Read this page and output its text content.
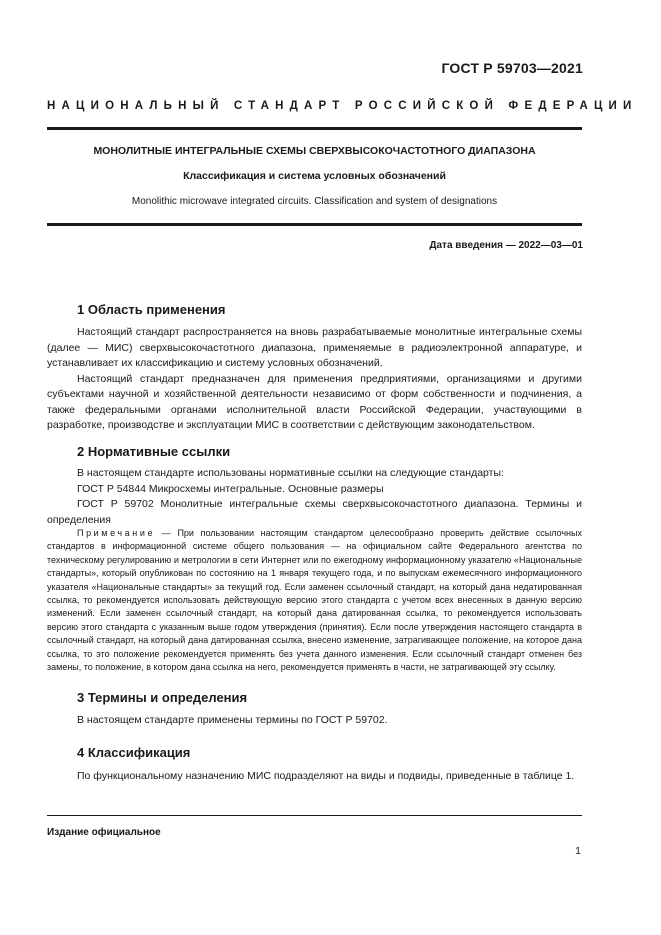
ГОСТ Р 59703—2021
НАЦИОНАЛЬНЫЙ СТАНДАРТ РОССИЙСКОЙ ФЕДЕРАЦИИ
МОНОЛИТНЫЕ ИНТЕГРАЛЬНЫЕ СХЕМЫ СВЕРХВЫСОКОЧАСТОТНОГО ДИАПАЗОНА
Классификация и система условных обозначений
Monolithic microwave integrated circuits. Classification and system of designations
Дата введения — 2022—03—01
1 Область применения

Настоящий стандарт распространяется на вновь разрабатываемые монолитные интегральные схемы (далее — МИС) сверхвысокочастотного диапазона, применяемые в радиоэлектронной аппаратуре, и устанавливает их классификацию и систему условных обозначений.

Настоящий стандарт предназначен для применения предприятиями, организациями и другими субъектами научной и хозяйственной деятельности независимо от форм собственности и подчинения, а также федеральными органами исполнительной власти Российской Федерации, участвующими в разработке, производстве и эксплуатации МИС в соответствии с действующим законодательством.

2 Нормативные ссылки

В настоящем стандарте использованы нормативные ссылки на следующие стандарты:

ГОСТ Р 54844 Микросхемы интегральные. Основные размеры

ГОСТ Р 59702 Монолитные интегральные схемы сверхвысокочастотного диапазона. Термины и определения

Примечание — При пользовании настоящим стандартом целесообразно проверить действие ссылочных стандартов в информационной системе общего пользования — на официальном сайте Федерального агентства по техническому регулированию и метрологии в сети Интернет или по ежегодному информационному указателю «Национальные стандарты», который опубликован по состоянию на 1 января текущего года, и по выпускам ежемесячного информационного указателя «Национальные стандарты» за текущий год. Если заменен ссылочный стандарт, на который дана недатированная ссылка, то рекомендуется использовать действующую версию этого стандарта с учетом всех внесенных в данную версию изменений. Если заменен ссылочный стандарт, на который дана датированная ссылка, то рекомендуется использовать версию этого стандарта с указанным выше годом утверждения (принятия). Если после утверждения настоящего стандарта в ссылочный стандарт, на который дана датированная ссылка, внесено изменение, затрагивающее положение, на которое дана ссылка, то это положение рекомендуется применять без учета данного изменения. Если ссылочный стандарт отменен без замены, то положение, в котором дана ссылка на него, рекомендуется применять в части, не затрагивающей эту ссылку.

3 Термины и определения

В настоящем стандарте применены термины по ГОСТ Р 59702.

4 Классификация

По функциональному назначению МИС подразделяют на виды и подвиды, приведенные в таблице 1.

Издание официальное
1
